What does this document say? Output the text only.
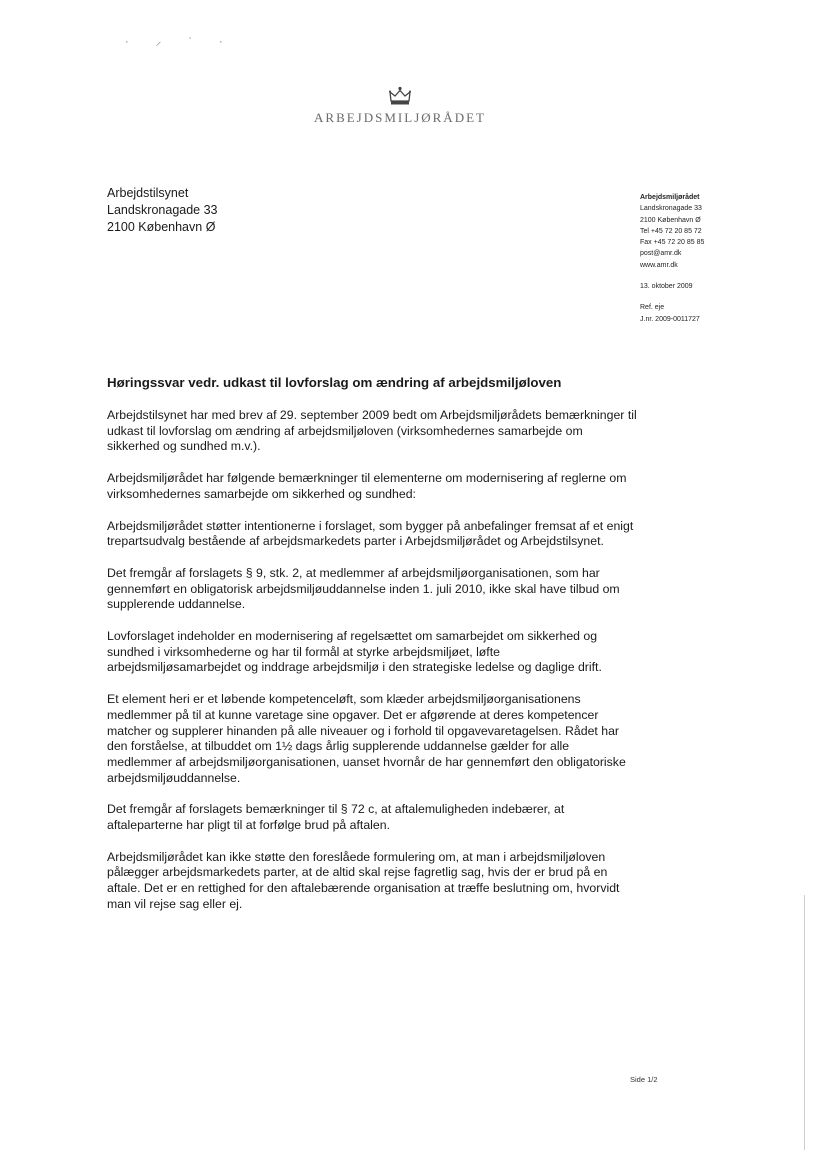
· ⸝ ʾ ·
ARBEJDSMILJØRÅDET
Arbejdstilsynet
Landskronagade 33
2100 København Ø
Arbejdsmiljørådet
Landskronagade 33
2100 København Ø
Tel +45 72 20 85 72
Fax +45 72 20 85 85
post@amr.dk
www.amr.dk
13. oktober 2009
Ref. eje
J.nr. 2009-0011727
Høringssvar vedr. udkast til lovforslag om ændring af arbejdsmiljøloven

Arbejdstilsynet har med brev af 29. september 2009 bedt om Arbejdsmiljørådets bemærkninger til udkast til lovforslag om ændring af arbejdsmiljøloven (virksomhedernes samarbejde om sikkerhed og sundhed m.v.).

Arbejdsmiljørådet har følgende bemærkninger til elementerne om modernisering af reglerne om virksomhedernes samarbejde om sikkerhed og sundhed:

Arbejdsmiljørådet støtter intentionerne i forslaget, som bygger på anbefalinger fremsat af et enigt trepartsudvalg bestående af arbejdsmarkedets parter i Arbejdsmiljørådet og Arbejdstilsynet.

Det fremgår af forslagets § 9, stk. 2, at medlemmer af arbejdsmiljøorganisationen, som har gennemført en obligatorisk arbejdsmiljøuddannelse inden 1. juli 2010, ikke skal have tilbud om supplerende uddannelse.

Lovforslaget indeholder en modernisering af regelsættet om samarbejdet om sikkerhed og sundhed i virksomhederne og har til formål at styrke arbejdsmiljøet, løfte arbejdsmiljøsamarbejdet og inddrage arbejdsmiljø i den strategiske ledelse og daglige drift.

Et element heri er et løbende kompetenceløft, som klæder arbejdsmiljøorganisationens medlemmer på til at kunne varetage sine opgaver. Det er afgørende at deres kompetencer matcher og supplerer hinanden på alle niveauer og i forhold til opgavevaretagelsen. Rådet har den forståelse, at tilbuddet om 1½ dags årlig supplerende uddannelse gælder for alle medlemmer af arbejdsmiljøorganisationen, uanset hvornår de har gennemført den obligatoriske arbejdsmiljøuddannelse.

Det fremgår af forslagets bemærkninger til § 72 c, at aftalemuligheden indebærer, at aftaleparterne har pligt til at forfølge brud på aftalen.

Arbejdsmiljørådet kan ikke støtte den foreslåede formulering om, at man i arbejdsmiljøloven pålægger arbejdsmarkedets parter, at de altid skal rejse fagretlig sag, hvis der er brud på en aftale. Det er en rettighed for den aftalebærende organisation at træffe beslutning om, hvorvidt man vil rejse sag eller ej.

Side 1/2
